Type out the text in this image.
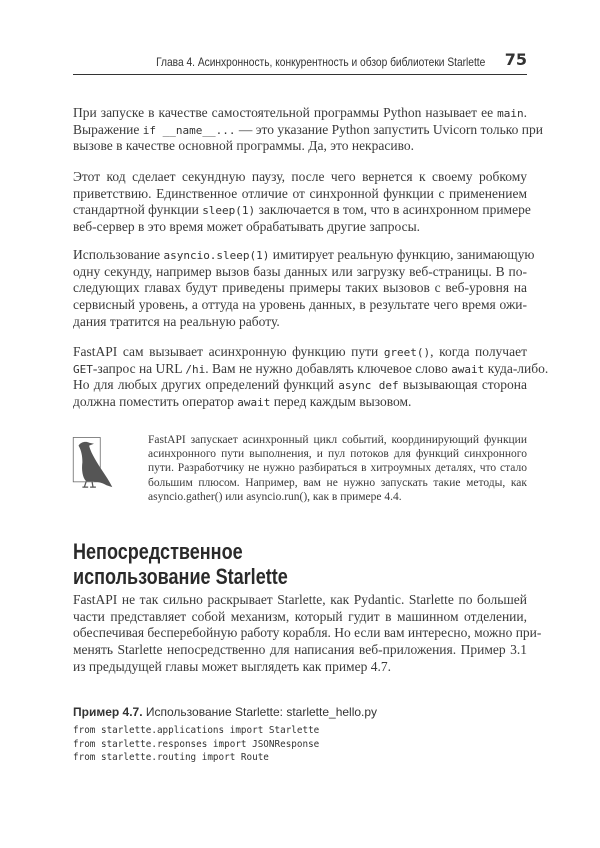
Глава 4. Асинхронность, конкурентность и обзор библиотеки Starlette 75
При запуске в качестве самостоятельной программы Python называет ее main.
Выражение if __name__... — это указание Python запустить Uvicorn только при
вызове в качестве основной программы. Да, это некрасиво.
Этот код сделает секундную паузу, после чего вернется к своему робкому
приветствию. Единственное отличие от синхронной функции с применением
стандартной функции sleep(1) заключается в том, что в асинхронном примере
веб-сервер в это время может обрабатывать другие запросы.
Использование asyncio.sleep(1) имитирует реальную функцию, занимающую
одну секунду, например вызов базы данных или загрузку веб-страницы. В по-
следующих главах будут приведены примеры таких вызовов с веб-уровня на
сервисный уровень, а оттуда на уровень данных, в результате чего время ожи-
дания тратится на реальную работу.
FastAPI сам вызывает асинхронную функцию пути greet(), когда получает
GET-запрос на URL /hi. Вам не нужно добавлять ключевое слово await куда-либо.
Но для любых других определений функций async def вызывающая сторона
должна поместить оператор await перед каждым вызовом.
FastAPI запускает асинхронный цикл событий, координирующий функции
асинхронного пути выполнения, и пул потоков для функций синхронного
пути. Разработчику не нужно разбираться в хитроумных деталях, что стало
большим плюсом. Например, вам не нужно запускать такие методы, как
asyncio.gather() или asyncio.run(), как в примере 4.4.
Непосредственное
использование Starlette
FastAPI не так сильно раскрывает Starlette, как Pydantic. Starlette по большей
части представляет собой механизм, который гудит в машинном отделении,
обеспечивая бесперебойную работу корабля. Но если вам интересно, можно при-
менять Starlette непосредственно для написания веб-приложения. Пример 3.1
из предыдущей главы может выглядеть как пример 4.7.
Пример 4.7. Использование Starlette: starlette_hello.py
from starlette.applications import Starlette
from starlette.responses import JSONResponse
from starlette.routing import Route
